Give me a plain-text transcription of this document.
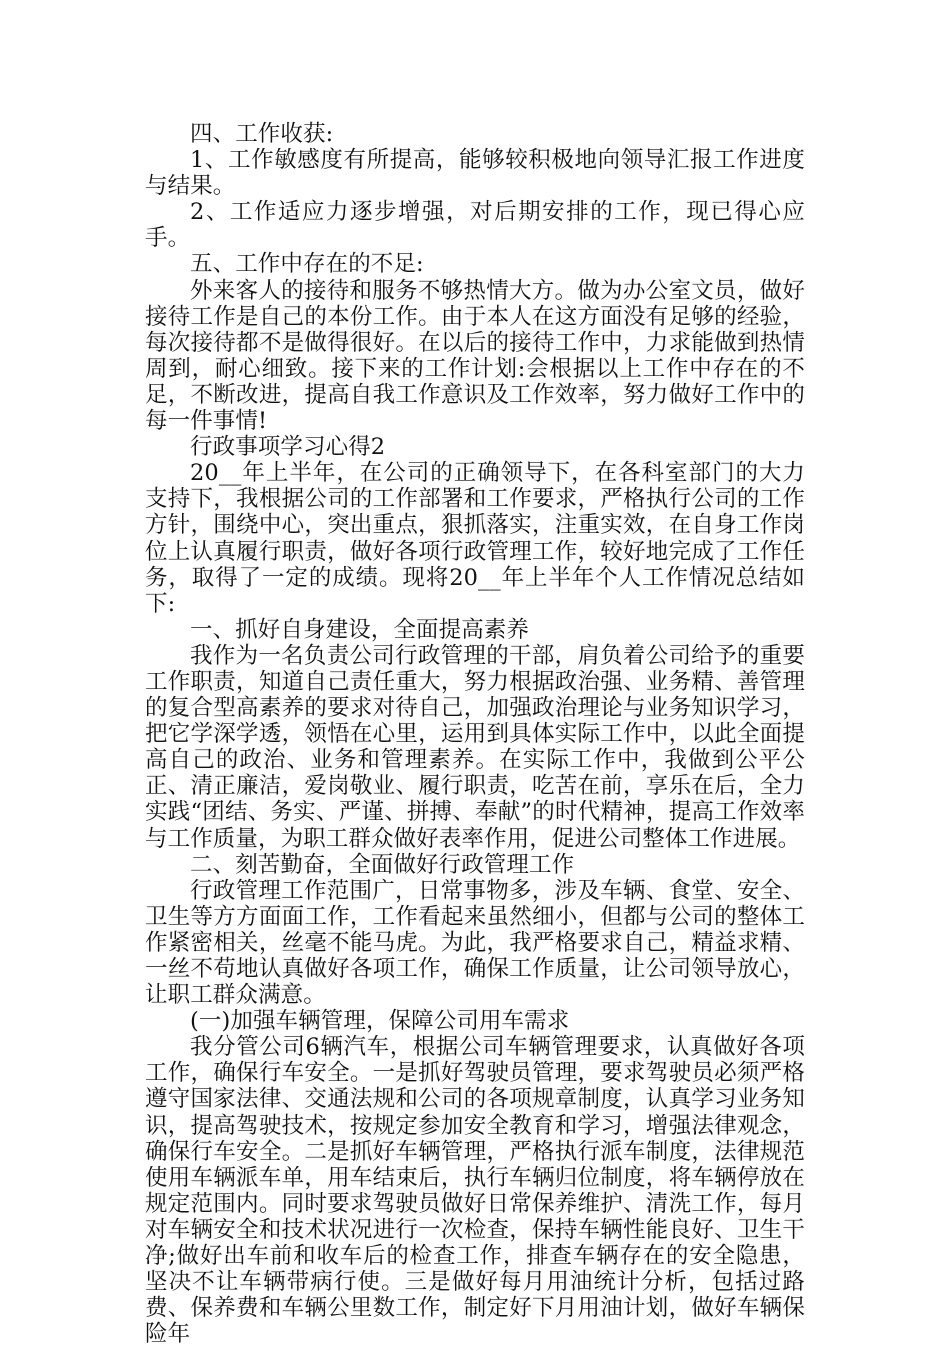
四、工作收获:

1、工作敏感度有所提高，能够较积极地向领导汇报工作进度与结果。

2、工作适应力逐步增强，对后期安排的工作，现已得心应手。

五、工作中存在的不足:

外来客人的接待和服务不够热情大方。做为办公室文员，做好接待工作是自己的本份工作。由于本人在这方面没有足够的经验，每次接待都不是做得很好。在以后的接待工作中，力求能做到热情周到，耐心细致。接下来的工作计划:会根据以上工作中存在的不足，不断改进，提高自我工作意识及工作效率，努力做好工作中的每一件事情!

行政事项学习心得2

20__年上半年，在公司的正确领导下，在各科室部门的大力支持下，我根据公司的工作部署和工作要求，严格执行公司的工作方针，围绕中心，突出重点，狠抓落实，注重实效，在自身工作岗位上认真履行职责，做好各项行政管理工作，较好地完成了工作任务，取得了一定的成绩。现将20__年上半年个人工作情况总结如下:

一、抓好自身建设，全面提高素养

我作为一名负责公司行政管理的干部，肩负着公司给予的重要工作职责，知道自己责任重大，努力根据政治强、业务精、善管理的复合型高素养的要求对待自己，加强政治理论与业务知识学习，把它学深学透，领悟在心里，运用到具体实际工作中，以此全面提高自己的政治、业务和管理素养。在实际工作中，我做到公平公正、清正廉洁，爱岗敬业、履行职责，吃苦在前，享乐在后，全力实践“团结、务实、严谨、拼搏、奉献”的时代精神，提高工作效率与工作质量，为职工群众做好表率作用，促进公司整体工作进展。

二、刻苦勤奋，全面做好行政管理工作

行政管理工作范围广，日常事物多，涉及车辆、食堂、安全、卫生等方方面面工作，工作看起来虽然细小，但都与公司的整体工作紧密相关，丝毫不能马虎。为此，我严格要求自己，精益求精、一丝不苟地认真做好各项工作，确保工作质量，让公司领导放心，让职工群众满意。

(一)加强车辆管理，保障公司用车需求

我分管公司6辆汽车，根据公司车辆管理要求，认真做好各项工作，确保行车安全。一是抓好驾驶员管理，要求驾驶员必须严格遵守国家法律、交通法规和公司的各项规章制度，认真学习业务知识，提高驾驶技术，按规定参加安全教育和学习，增强法律观念，确保行车安全。二是抓好车辆管理，严格执行派车制度，法律规范使用车辆派车单，用车结束后，执行车辆归位制度，将车辆停放在规定范围内。同时要求驾驶员做好日常保养维护、清洗工作，每月对车辆安全和技术状况进行一次检查，保持车辆性能良好、卫生干净;做好出车前和收车后的检查工作，排查车辆存在的安全隐患，坚决不让车辆带病行使。三是做好每月用油统计分析，包括过路费、保养费和车辆公里数工作，制定好下月用油计划，做好车辆保险年
